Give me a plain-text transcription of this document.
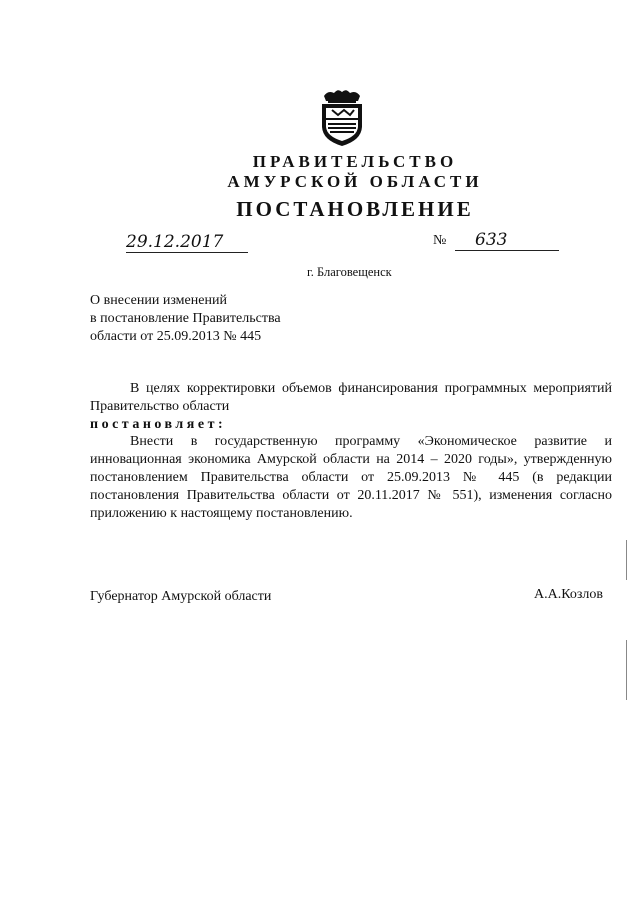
ПРАВИТЕЛЬСТВО
АМУРСКОЙ ОБЛАСТИ
ПОСТАНОВЛЕНИЕ
29.12.2017	№	633
г. Благовещенск
О внесении изменений
в постановление Правительства
области от 25.09.2013 № 445
В целях корректировки объемов финансирования программных мероприятий Правительство области
постановляет:
Внести в государственную программу «Экономическое развитие и инновационная экономика Амурской области на 2014 – 2020 годы», утвержденную постановлением Правительства области от 25.09.2013 № 445 (в редакции постановления Правительства области от 20.11.2017 № 551), изменения согласно приложению к настоящему постановлению.
Губернатор Амурской области	А.А.Козлов
